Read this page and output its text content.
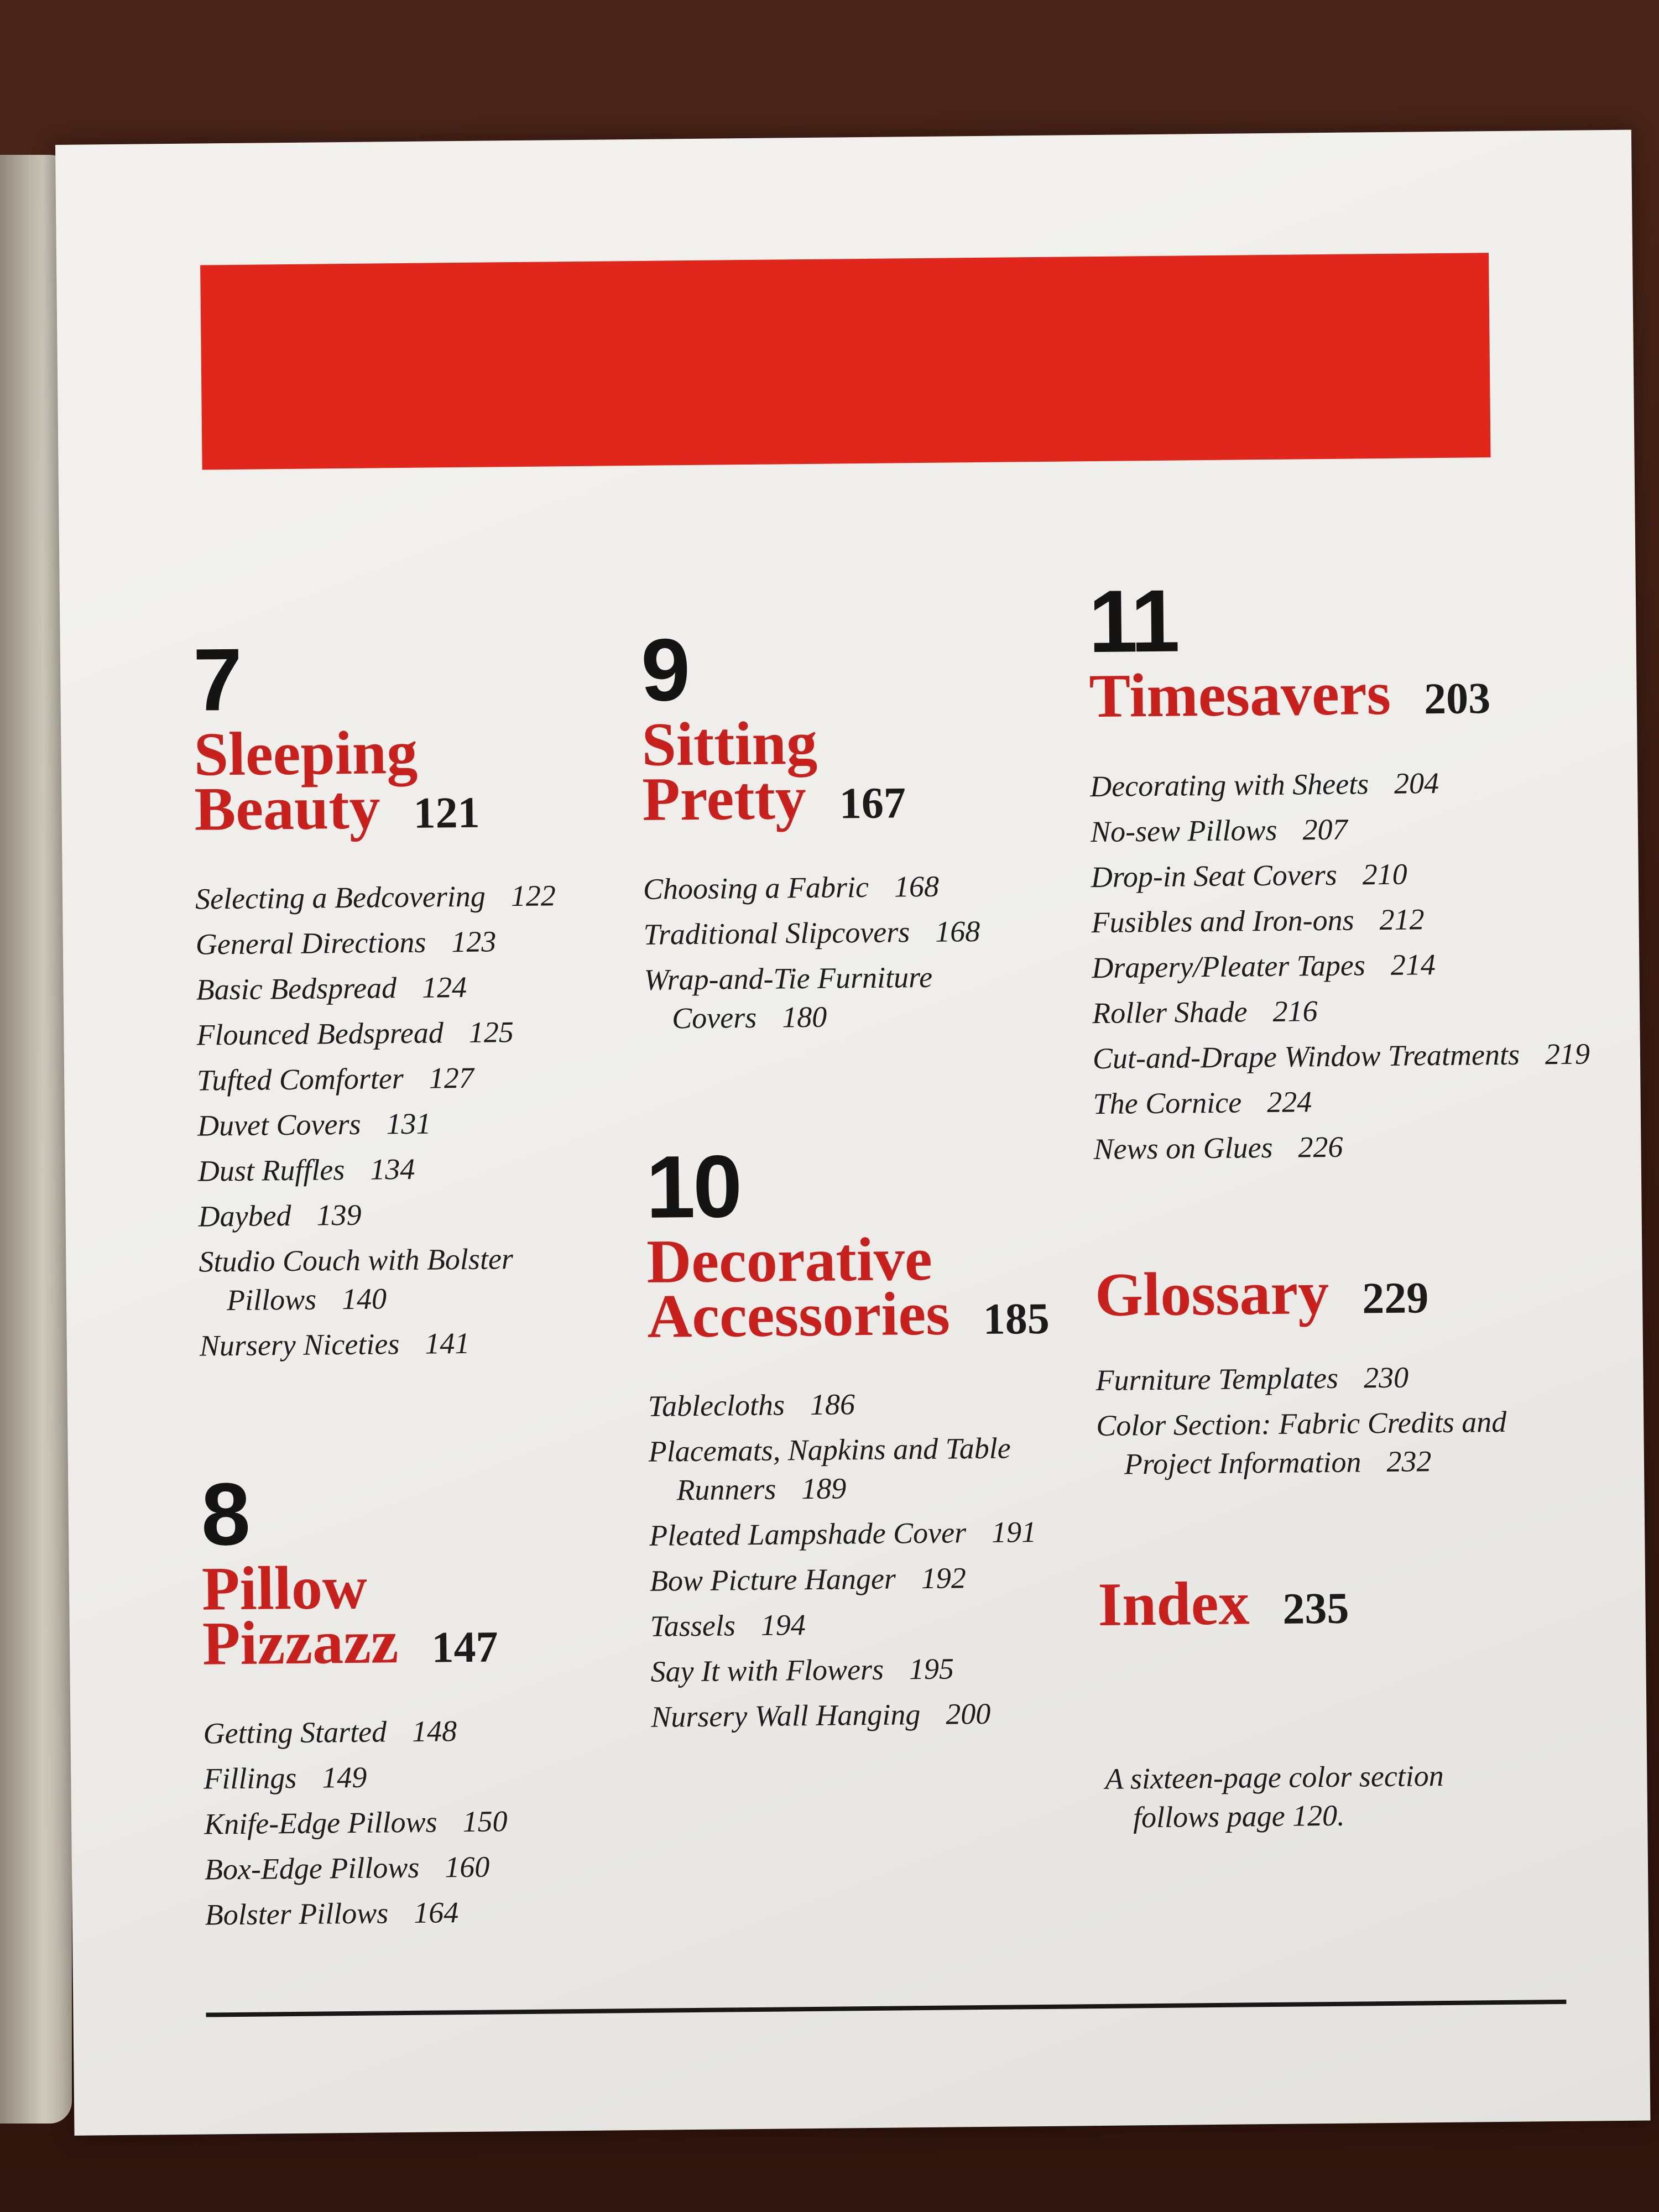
7
Sleeping
Beauty 121
Selecting a Bedcovering 122
General Directions 123
Basic Bedspread 124
Flounced Bedspread 125
Tufted Comforter 127
Duvet Covers 131
Dust Ruffles 134
Daybed 139
Studio Couch with Bolster Pillows 140
Nursery Niceties 141
8
Pillow
Pizzazz 147
Getting Started 148
Fillings 149
Knife-Edge Pillows 150
Box-Edge Pillows 160
Bolster Pillows 164
9
Sitting
Pretty 167
Choosing a Fabric 168
Traditional Slipcovers 168
Wrap-and-Tie Furniture Covers 180
10
Decorative
Accessories 185
Tablecloths 186
Placemats, Napkins and Table Runners 189
Pleated Lampshade Cover 191
Bow Picture Hanger 192
Tassels 194
Say It with Flowers 195
Nursery Wall Hanging 200
11
Timesavers 203
Decorating with Sheets 204
No-sew Pillows 207
Drop-in Seat Covers 210
Fusibles and Iron-ons 212
Drapery/Pleater Tapes 214
Roller Shade 216
Cut-and-Drape Window Treatments 219
The Cornice 224
News on Glues 226
Glossary 229
Furniture Templates 230
Color Section: Fabric Credits and Project Information 232
Index 235

A sixteen-page color section follows page 120.
